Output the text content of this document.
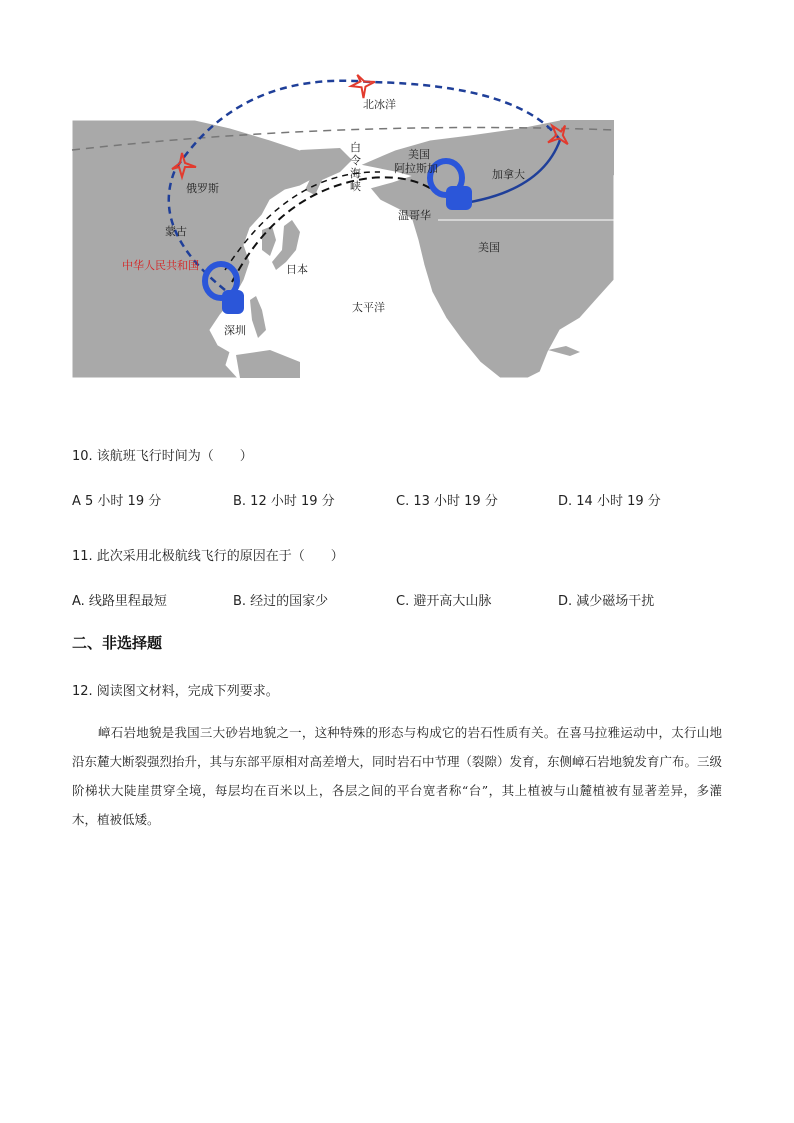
北冰洋
白
令
海
峡
美国
阿拉斯加	加拿大
温哥华
美国
俄罗斯
蒙古
中华人民共和国	日本
太平洋
深圳
10. 该航班飞行时间为（　　）
A 5 小时 19 分	B. 12 小时 19 分	C. 13 小时 19 分	D. 14 小时 19 分
11. 此次采用北极航线飞行的原因在于（　　）
A. 线路里程最短	B. 经过的国家少	C. 避开高大山脉	D. 减少磁场干扰
二、非选择题
12. 阅读图文材料，完成下列要求。
嶂石岩地貌是我国三大砂岩地貌之一，这种特殊的形态与构成它的岩石性质有关。在喜马拉雅运动中，太行山地沿东麓大断裂强烈抬升，其与东部平原相对高差增大，同时岩石中节理（裂隙）发育，东侧嶂石岩地貌发育广布。三级阶梯状大陡崖贯穿全境，每层均在百米以上，各层之间的平台宽者称“台”，其上植被与山麓植被有显著差异，多灌木，植被低矮。
